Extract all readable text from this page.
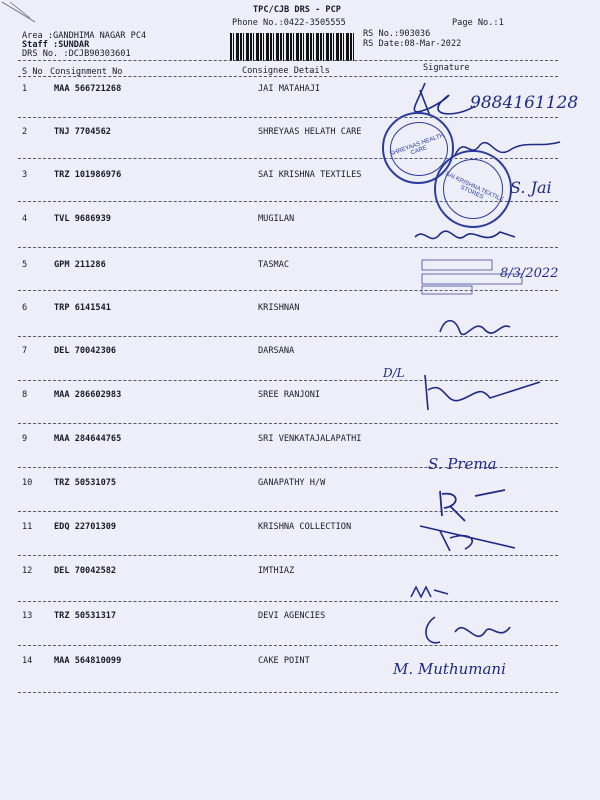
TPC/CJB DRS - PCP
Phone No.:0422-3505555	Page No.:1
Area :GANDHIMA NAGAR PC4
Staff :SUNDAR
DRS No. :DCJB90303601
RS No.:903036
RS Date:08-Mar-2022
S No Consignment No	Consignee Details	Signature
1	MAA 566721268	JAI MATAHAJI
2	TNJ 7704562	SHREYAAS HELATH CARE
3	TRZ 101986976	SAI KRISHNA TEXTILES
4	TVL 9686939	MUGILAN
5	GPM 211286	TASMAC
6	TRP 6141541	KRISHNAN
7	DEL 70042306	DARSANA
8	MAA 286602983	SREE RANJONI
9	MAA 284644765	SRI VENKATAJALAPATHI
10	TRZ 50531075	GANAPATHY H/W
11	EDQ 22701309	KRISHNA COLLECTION
12	DEL 70042582	IMTHIAZ
13	TRZ 50531317	DEVI AGENCIES
14	MAA 564810099	CAKE POINT
9884161128
SHREYAAS HEALTH CARE
SAI KRISHNA TEXTILE STORES	S. Jai
8/3/2022
D/L
S. Prema
M. Muthumani
